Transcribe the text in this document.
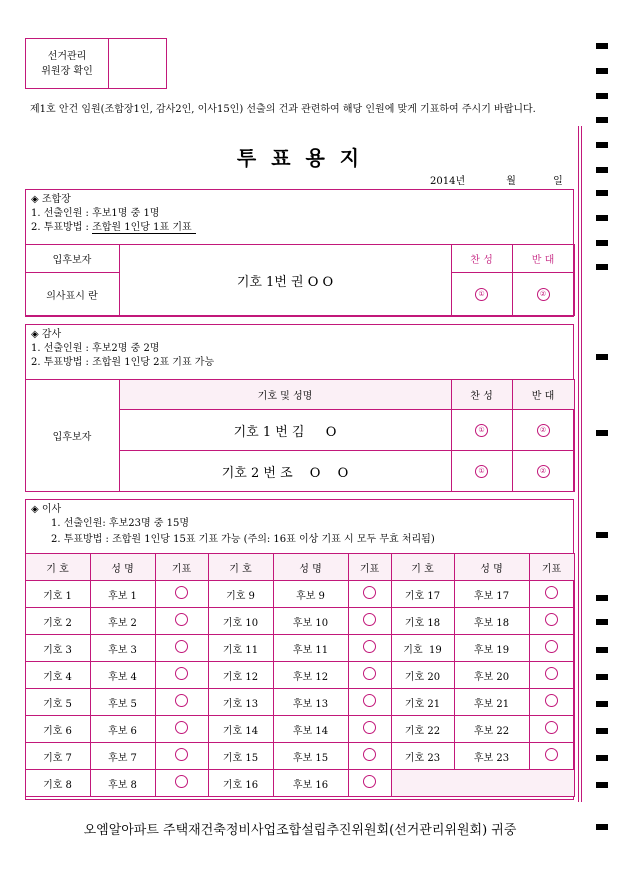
선거관리
위원장 확인
제1호 안건 임원(조합장1인, 감사2인, 이사15인) 선출의 건과 관련하여 해당 인원에 맞게 기표하여 주시기 바랍니다.
투 표 용 지
2014년	월	일
◈ 조합장
1. 선출인원 : 후보1명 중 1명
2. 투표방법 : 조합원 1인당 1표 기표
입후보자	기호 1번 권 O O	찬 성	반 대
의사표시 란		①	②
◈ 감사
1. 선출인원 : 후보2명 중 2명
2. 투표방법 : 조합원 1인당 2표 기표 가능
입후보자	기호 및 성명	찬 성	반 대
	기호 1 번 김 　 O	①	②
	기호 2 번 조 　O 　O	①	②
◈ 이사
1. 선출인원: 후보23명 중 15명
2. 투표방법 : 조합원 1인당 15표 기표 가능 (주의: 16표 이상 기표 시 모두 무효 처리됨)
기 호	성 명	기표	기 호	성 명	기표	기 호	성 명	기표
기호 1	후보 1		기호 9	후보 9		기호 17	후보 17	
기호 2	후보 2		기호 10	후보 10		기호 18	후보 18	
기호 3	후보 3		기호 11	후보 11		기호  19	후보 19	
기호 4	후보 4		기호 12	후보 12		기호 20	후보 20	
기호 5	후보 5		기호 13	후보 13		기호 21	후보 21	
기호 6	후보 6		기호 14	후보 14		기호 22	후보 22	
기호 7	후보 7		기호 15	후보 15		기호 23	후보 23	
기호 8	후보 8		기호 16	후보 16				
오엠알아파트 주택재건축정비사업조합설립추진위원회(선거관리위원회) 귀중
